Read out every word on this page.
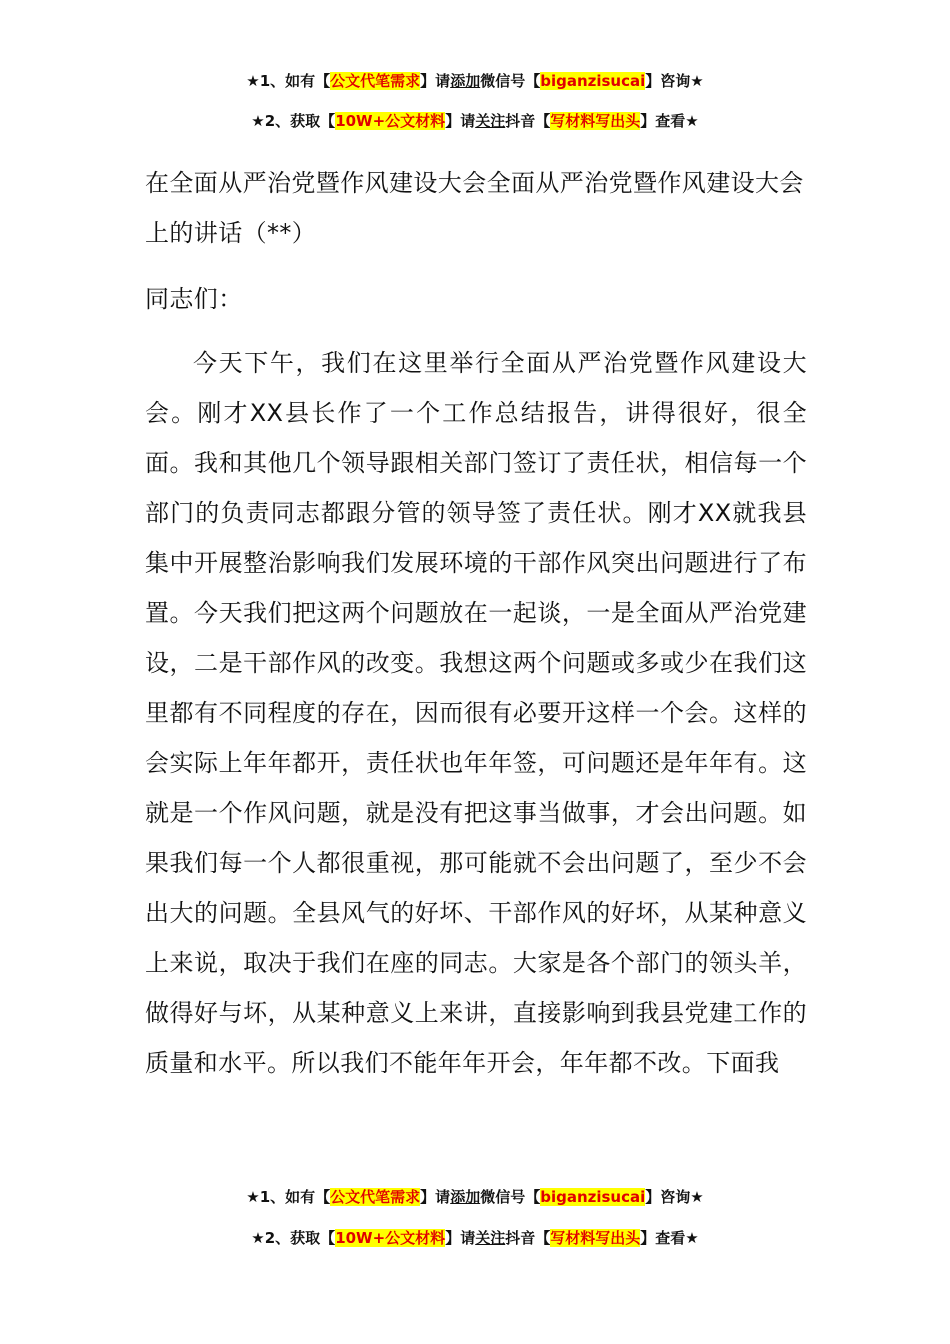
★1、如有【公文代笔需求】请添加微信号【biganzisucai】咨询★
★2、获取【10W+公文材料】请关注抖音【写材料写出头】查看★
在全面从严治党暨作风建设大会全面从严治党暨作风建设大会上的讲话（**）
同志们：
今天下午，我们在这里举行全面从严治党暨作风建设大会。刚才XX县长作了一个工作总结报告，讲得很好，很全面。我和其他几个领导跟相关部门签订了责任状，相信每一个部门的负责同志都跟分管的领导签了责任状。刚才XX就我县集中开展整治影响我们发展环境的干部作风突出问题进行了布置。今天我们把这两个问题放在一起谈，一是全面从严治党建设，二是干部作风的改变。我想这两个问题或多或少在我们这里都有不同程度的存在，因而很有必要开这样一个会。这样的会实际上年年都开，责任状也年年签，可问题还是年年有。这就是一个作风问题，就是没有把这事当做事，才会出问题。如果我们每一个人都很重视，那可能就不会出问题了，至少不会出大的问题。全县风气的好坏、干部作风的好坏，从某种意义上来说，取决于我们在座的同志。大家是各个部门的领头羊，做得好与坏，从某种意义上来讲，直接影响到我县党建工作的质量和水平。所以我们不能年年开会，年年都不改。下面我
★1、如有【公文代笔需求】请添加微信号【biganzisucai】咨询★
★2、获取【10W+公文材料】请关注抖音【写材料写出头】查看★
